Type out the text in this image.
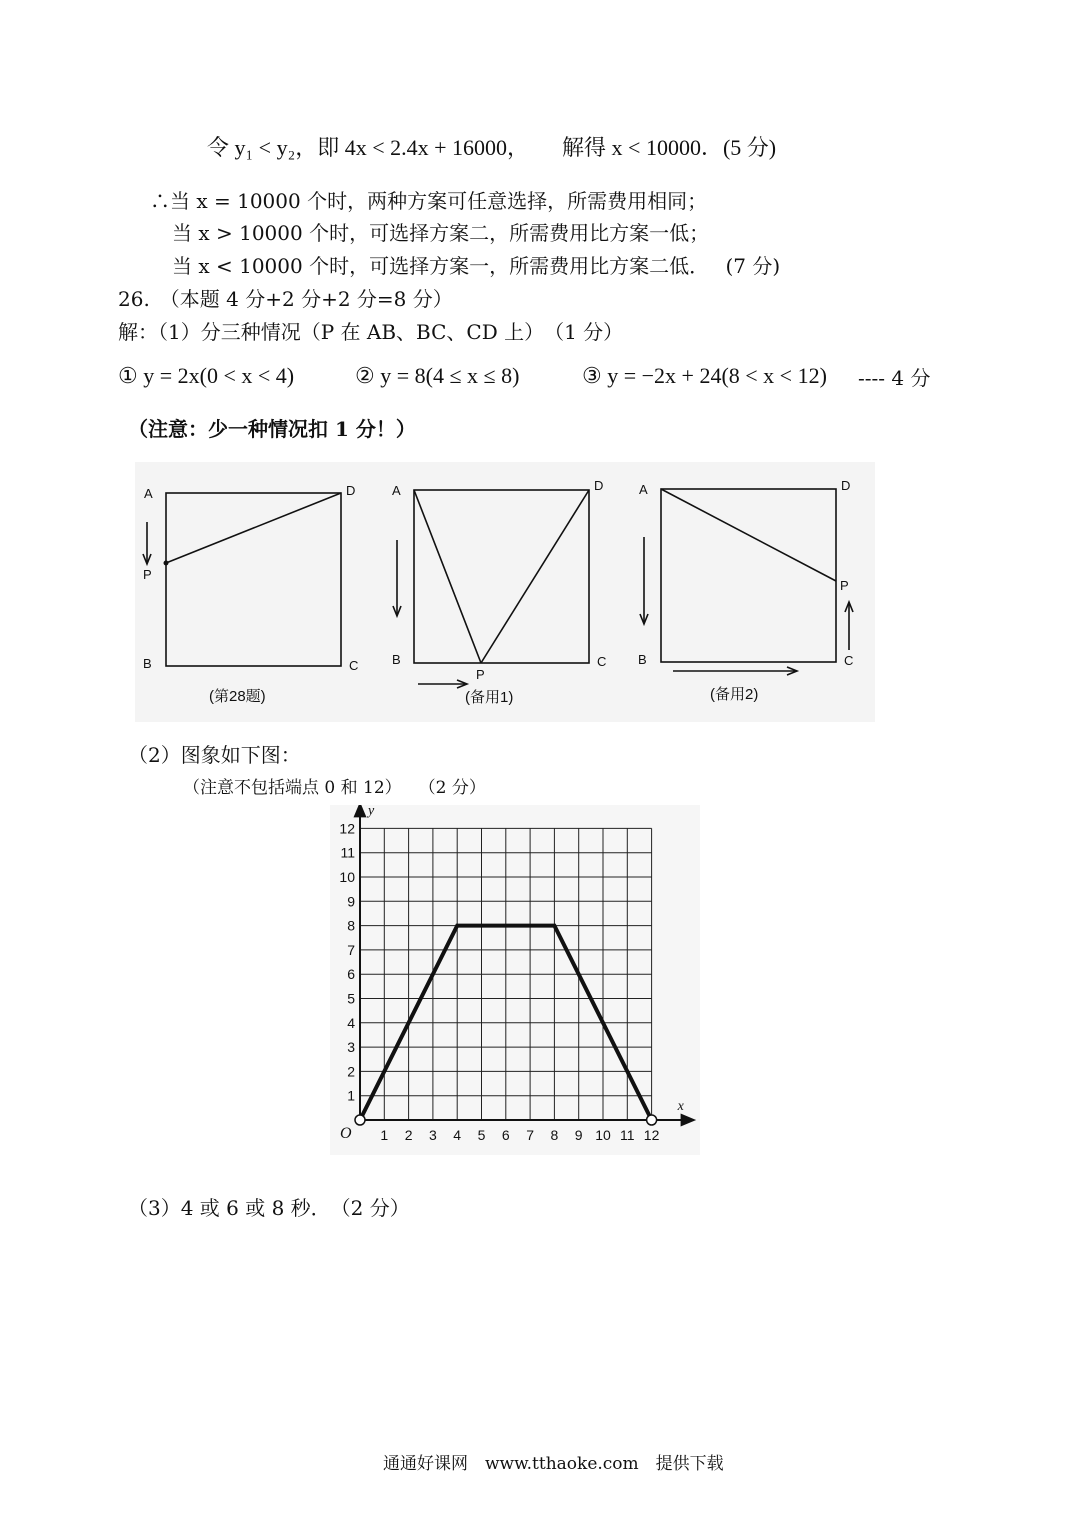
令 y₁ < y₂，即 4x < 2.4x + 16000，　　解得 x < 10000．(5 分)
∴当 x = 10000 个时，两种方案可任意选择，所需费用相同；
当 x > 10000 个时，可选择方案二，所需费用比方案一低；
当 x < 10000 个时，可选择方案一，所需费用比方案二低．　 (7 分)
26.　（本题 4 分+2 分+2 分=8 分）
解：（1）分三种情况（P 在 AB、BC、CD 上）　（1 分）
① y = 2x(0 < x < 4)	② y = 8(4 ≤ x ≤ 8)	③ y = −2x + 24(8 < x < 12) ---- 4 分
（注意：少一种情况扣 1 分！）
A	D
P
B	C
(第28题)
A	D
B	C
P
(备用1)
A	D
P
B	C
(备用2)
（2）图象如下图：
（注意不包括端点 0 和 12）　　（2 分）
1 2 3 4 5 6 7 8 9 10 11 12
1
2
3
4
5
6
7
8
9
10
11
12
x
y
O
（3）4 或 6 或 8 秒．　（2 分）
通通好课网　www.tthaoke.com　提供下载
